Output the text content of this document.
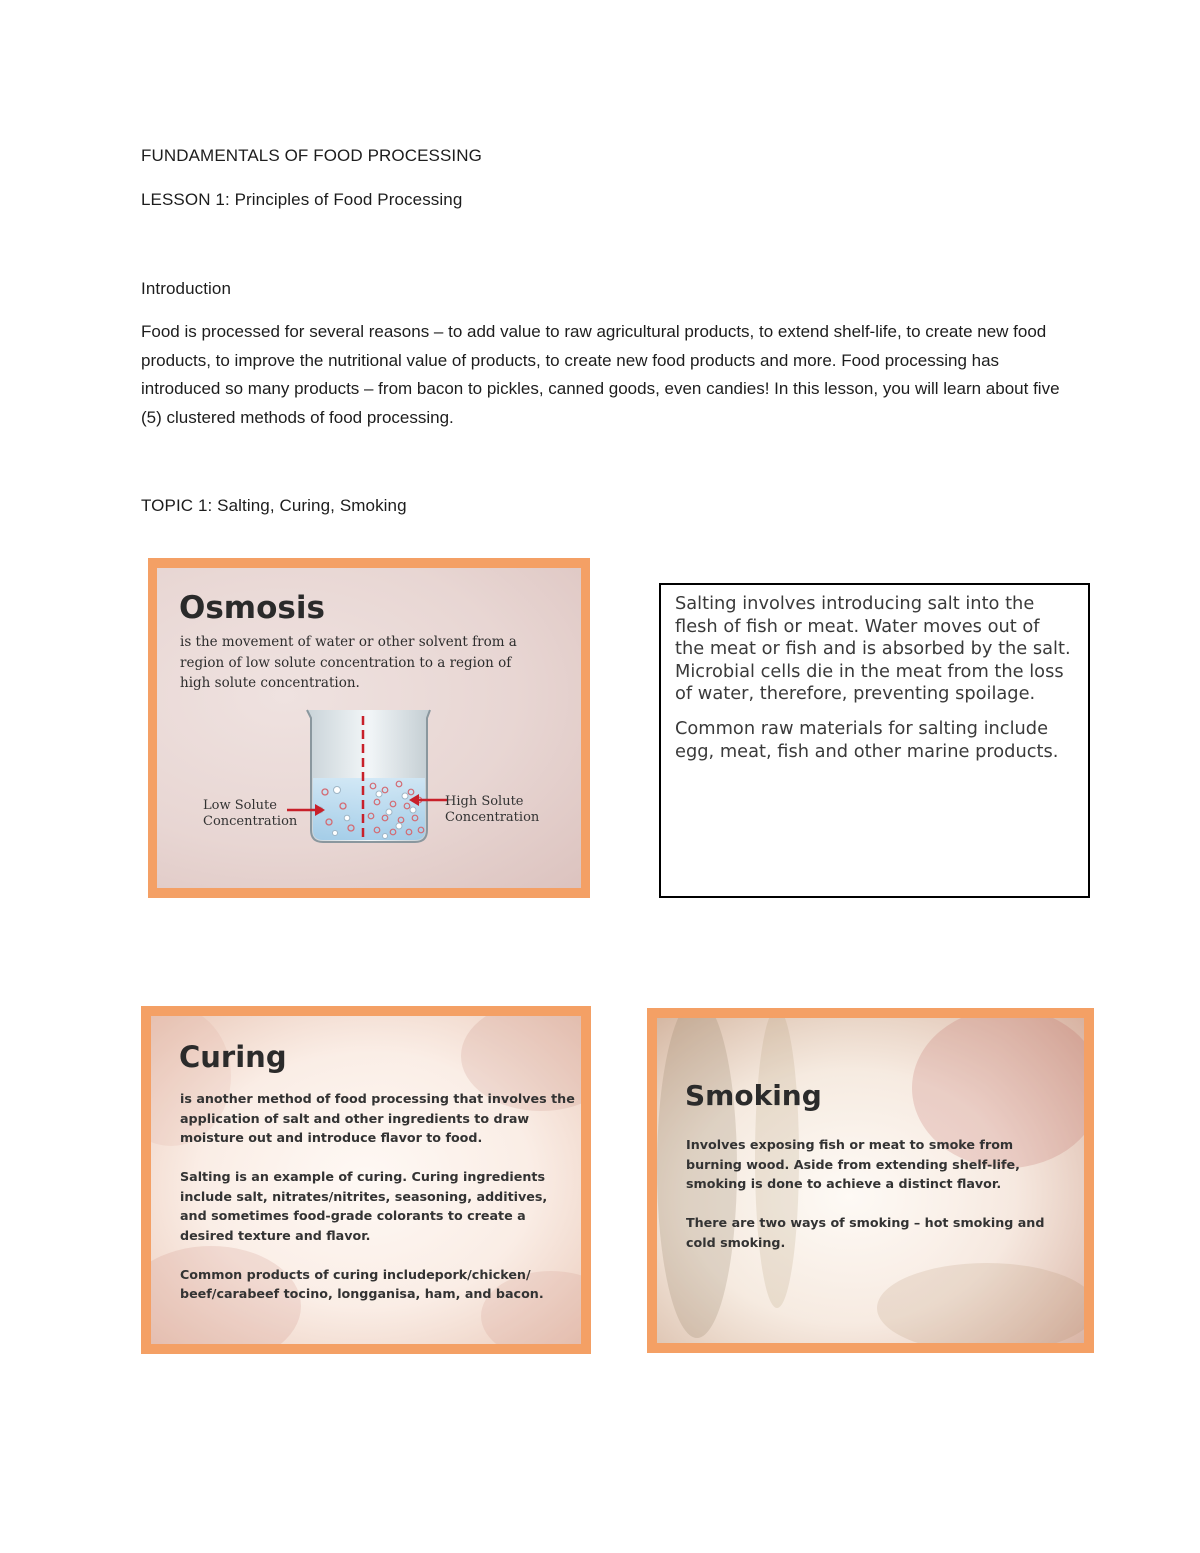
FUNDAMENTALS OF FOOD PROCESSING
LESSON 1: Principles of Food Processing
Introduction

Food is processed for several reasons – to add value to raw agricultural products, to extend shelf-life, to create new food products, to improve the nutritional value of products, to create new food products and more. Food processing has introduced so many products – from bacon to pickles, canned goods, even candies! In this lesson, you will learn about five (5) clustered methods of food processing.

TOPIC 1: Salting, Curing, Smoking
Osmosis

is the movement of water or other solvent from a region of low solute concentration to a region of high solute concentration.

Low Solute Concentration
High Solute Concentration

Salting involves introducing salt into the flesh of fish or meat. Water moves out of the meat or fish and is absorbed by the salt. Microbial cells die in the meat from the loss of water, therefore, preventing spoilage.

Common raw materials for salting include egg, meat, fish and other marine products.

Curing

is another method of food processing that involves the application of salt and other ingredients to draw moisture out and introduce flavor to food.

Salting is an example of curing. Curing ingredients include salt, nitrates/nitrites, seasoning, additives, and sometimes food-grade colorants to create a desired texture and flavor.

Common products of curing includepork/chicken/ beef/carabeef tocino, longganisa, ham, and bacon.

Smoking

Involves exposing fish or meat to smoke from burning wood. Aside from extending shelf-life, smoking is done to achieve a distinct flavor.

There are two ways of smoking – hot smoking and cold smoking.
